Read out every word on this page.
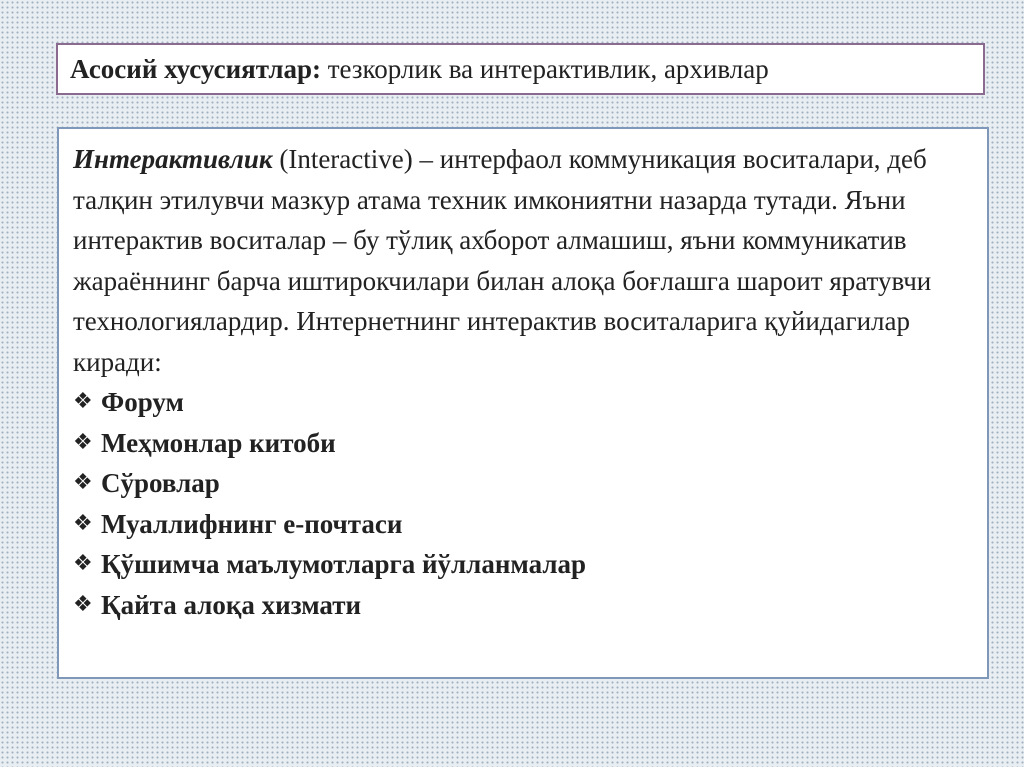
Асосий хусусиятлар: тезкорлик ва интерактивлик, архивлар

Интерактивлик (Interactive) – интерфаол коммуникация воситалари, деб талқин этилувчи мазкур атама техник имкониятни назарда тутади. Яъни интерактив воситалар – бу тўлиқ ахборот алмашиш, яъни коммуникатив жараённинг барча иштирокчилари билан алоқа боғлашга шароит яратувчи технологиялардир. Интернетнинг интерактив воситаларига қуйидагилар киради:

❖ Форум
❖ Меҳмонлар китоби
❖ Сўровлар
❖ Муаллифнинг е-почтаси
❖ Қўшимча маълумотларга йўлланмалар
❖ Қайта алоқа хизмати
